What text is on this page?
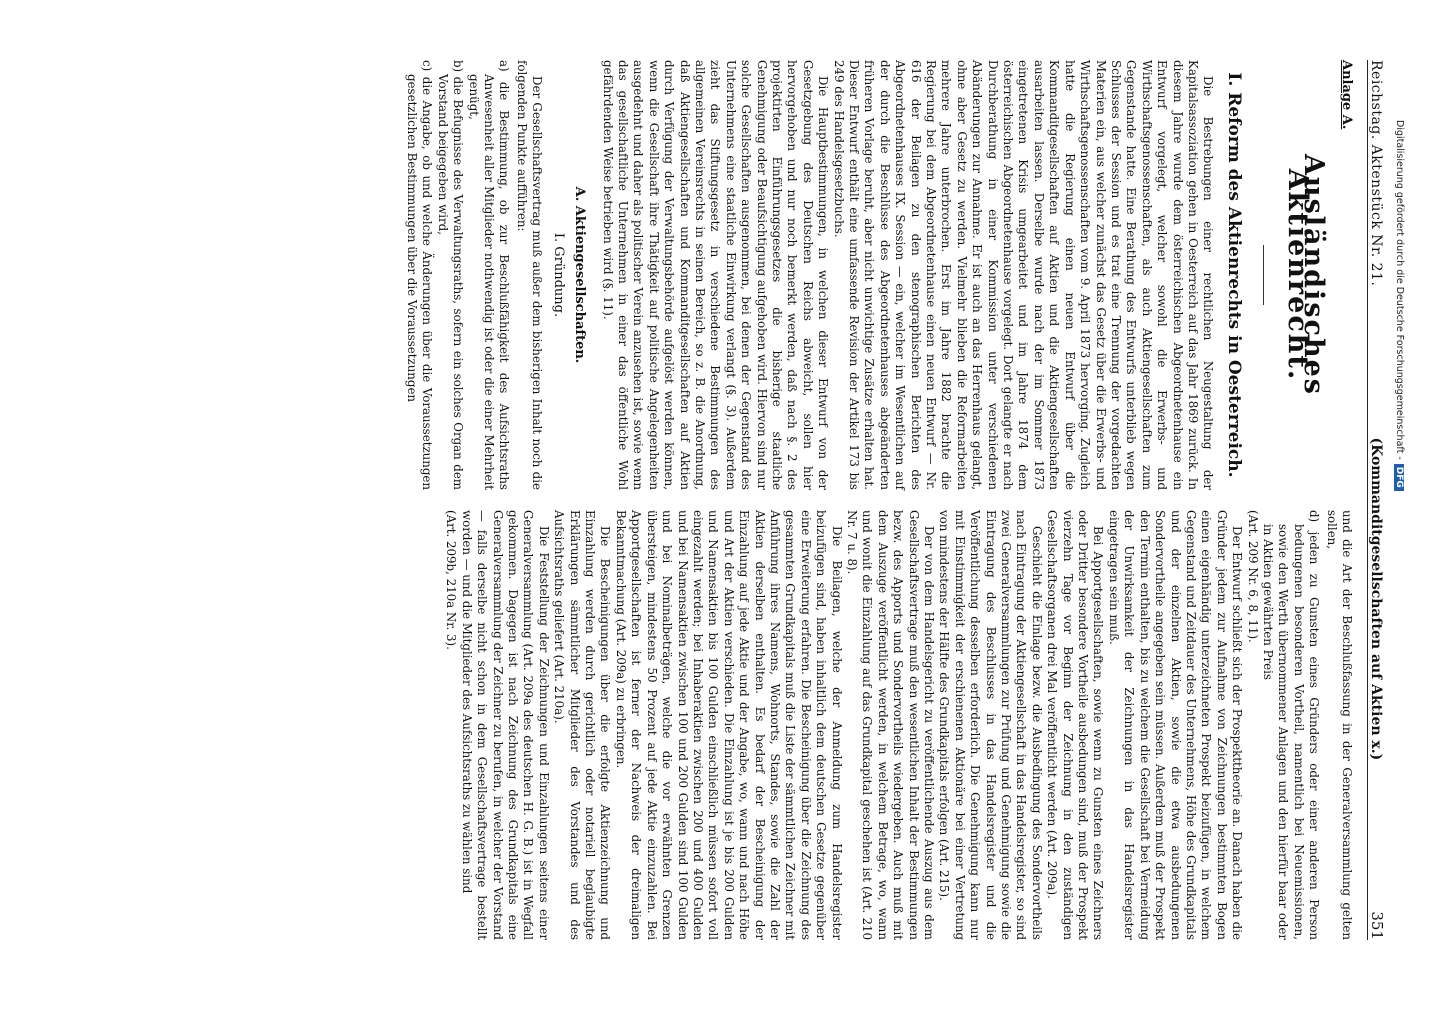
Reichstag. Aktenstück Nr. 21.
(Kommanditgesellschaften auf Aktien x.)
351
Anlage A.
Ausländisches Aktienrecht.
I. Reform des Aktienrechts in Oesterreich.

Die Bestrebungen einer rechtlichen Neugestaltung der Kapitalsassoziation gehen in Oesterreich auf das Jahr 1869 zurück. In diesem Jahre wurde dem österreichischen Abgeordnetenhause ein Entwurf vorgelegt, welcher sowohl die Erwerbs- und Wirthschaftsgenossenschaften, als auch Aktiengesellschaften zum Gegenstande hatte. Eine Berathung des Entwurfs unterblieb wegen Schlusses der Session und es trat eine Trennung der vorgedachten Materien ein, aus welcher zunächst das Gesetz über die Erwerbs- und Wirthschaftsgenossenschaften vom 9. April 1873 hervorging. Zugleich hatte die Regierung einen neuen Entwurf über die Kommanditgesellschaften auf Aktien und die Aktiengesellschaften ausarbeiten lassen. Derselbe wurde nach der im Sommer 1873 eingetretenen Krisis umgearbeitet und im Jahre 1874 dem österreichischen Abgeordnetenhause vorgelegt. Dort gelangte er nach Durchberathung in einer Kommission unter verschiedenen Abänderungen zur Annahme. Er ist auch an das Herrenhaus gelangt, ohne aber Gesetz zu werden. Vielmehr blieben die Reformarbeiten mehrere Jahre unterbrochen. Erst im Jahre 1882 brachte die Regierung bei dem Abgeordnetenhause einen neuen Entwurf — Nr. 616 der Beilagen zu den stenographischen Berichten des Abgeordnetenhauses IX. Session — ein, welcher im Wesentlichen auf der durch die Beschlüsse des Abgeordnetenhauses abgeänderten früheren Vorlage beruht, aber nicht unwichtige Zusätze erhalten hat. Dieser Entwurf enthält eine umfassende Revision der Artikel 173 bis 249 des Handelsgesetzbuchs.

Die Hauptbestimmungen, in welchen dieser Entwurf von der Gesetzgebung des Deutschen Reichs abweicht, sollen hier hervorgehoben und nur noch bemerkt werden, daß nach §. 2 des projektirten Einführungsgesetzes die bisherige staatliche Genehmigung oder Beaufsichtigung aufgehoben wird. Hiervon sind nur solche Gesellschaften ausgenommen, bei denen der Gegenstand des Unternehmens eine staatliche Einwirkung verlangt (§. 3). Außerdem zieht das Stiftungsgesetz in verschiedene Bestimmungen des allgemeinen Vereinsrechts in seinen Bereich, so z. B. die Anordnung, daß Aktiengesellschaften und Kommanditgesellschaften auf Aktien durch Verfügung der Verwaltungsbehörde aufgelöst werden können, wenn die Gesellschaft ihre Thätigkeit auf politische Angelegenheiten ausgedehnt und daher als politischer Verein anzusehen ist, sowie wenn das gesellschaftliche Unternehmen in einer das öffentliche Wohl gefährdenden Weise betrieben wird (§. 11).

A. Aktiengesellschaften.
I. Gründung.

Der Gesellschaftsvertrag muß außer dem bisherigen Inhalt noch die folgenden Punkte aufführen:

a) die Bestimmung, ob zur Beschlußfähigkeit des Aufsichtsraths Anwesenheit aller Mitglieder nothwendig ist oder die einer Mehrheit genügt,
b) die Befugnisse des Verwaltungsraths, sofern ein solches Organ dem Vorstand beigegeben wird,
c) die Angabe, ob und welche Änderungen über die Voraussetzungen gesetzlichen Bestimmungen über die Voraussetzungen

und die Art der Beschlußfassung in der Generalversammlung gelten sollen,

d) jeden zu Gunsten eines Gründers oder einer anderen Person bedungenen besonderen Vortheil, namentlich bei Neuemissionen, sowie den Werth übernommener Anlagen und den hierfür baar oder in Aktien gewährten Preis

(Art. 209 Nr. 6, 8, 11).

Der Entwurf schließt sich der Prospekttheorie an. Danach haben die Gründer jedem zur Aufnahme von Zeichnungen bestimmten Bogen einen eigenhändig unterzeichneten Prospekt beizufügen, in welchem Gegenstand und Zeitdauer des Unternehmens, Höhe des Grundkapitals und der einzelnen Aktien, sowie die etwa ausbedungenen Sondervortheile angegeben sein müssen. Außerdem muß der Prospekt den Termin enthalten, bis zu welchem die Gesellschaft bei Vermeidung der Unwirksamkeit der Zeichnungen in das Handelsregister eingetragen sein muß.

Bei Apportgesellschaften, sowie wenn zu Gunsten eines Zeichners oder Dritter besondere Vortheile ausbedungen sind, muß der Prospekt vierzehn Tage vor Beginn der Zeichnung in den zuständigen Gesellschaftsorganen drei Mal veröffentlicht werden (Art. 209a).

Geschieht die Einlage bezw. die Ausbedingung des Sondervortheils nach Eintragung der Aktiengesellschaft in das Handelsregister, so sind zwei Generalversammlungen zur Prüfung und Genehmigung sowie die Eintragung des Beschlusses in das Handelsregister und die Veröffentlichung desselben erforderlich. Die Genehmigung kann nur mit Einstimmigkeit der erschienenen Aktionäre bei einer Vertretung von mindestens der Hälfte des Grundkapitals erfolgen (Art. 215).

Der von dem Handelsgericht zu veröffentlichende Auszug aus dem Gesellschaftsvertrage muß den wesentlichen Inhalt der Bestimmungen bezw. des Apports und Sondervortheils wiedergeben. Auch muß mit dem Auszuge veröffentlicht werden, in welchem Betrage, wo, wann und wonit die Einzahlung auf das Grundkapital geschehen ist (Art. 210 Nr. 7 u. 8).

Die Beilagen, welche der Anmeldung zum Handelsregister beizufügen sind, haben inhaltlich dem deutschen Gesetze gegenüber eine Erweiterung erfahren. Die Bescheinigung über die Zeichnung des gesammten Grundkapitals muß die Liste der sämmtlichen Zeichner mit Anführung ihres Namens, Wohnorts, Standes, sowie die Zahl der Aktien derselben enthalten. Es bedarf der Bescheinigung der Einzahlung auf jede Aktie und der Angabe, wo, wann und nach Höhe und Art der Aktien verschieden. Die Einzahlung ist je bis 200 Gulden und Namensaktien bis 100 Gulden einschließlich müssen sofort voll eingezahlt werden; bei Inhaberaktien zwischen 200 und 400 Gulden und bei Namensaktien zwischen 100 und 200 Gulden sind 100 Gulden und bei Nominalbeträgen, welche die vor erwähnten Grenzen übersteigen, mindestens 50 Prozent auf jede Aktie einzuzahlen. Bei Apportgesellschaften ist ferner der Nachweis der dreimaligen Bekanntmachung (Art. 209a) zu erbringen.

Die Bescheinigungen über die erfolgte Aktienzeichnung und Einzahlung werden durch gerichtlich oder notariell beglaubigte Erklärungen sämmtlicher Mitglieder des Vorstandes und des Aufsichtsraths geliefert (Art. 210a).

Die Feststellung der Zeichnungen und Einzahlungen seitens einer Generalversammlung (Art. 209a des deutschen H. G. B.) ist in Wegfall gekommen. Dagegen ist nach Zeichnung des Grundkapitals eine Generalversammlung der Zeichner zu berufen, in welcher der Vorstand — falls derselbe nicht schon in dem Gesellschaftsvertrage bestellt worden — und die Mitglieder des Aufsichtsraths zu wählen sind

(Art. 209b, 210a Nr. 3).

Digitalisierung gefördert durch die Deutsche Forschungsgemeinschaft -DFG
